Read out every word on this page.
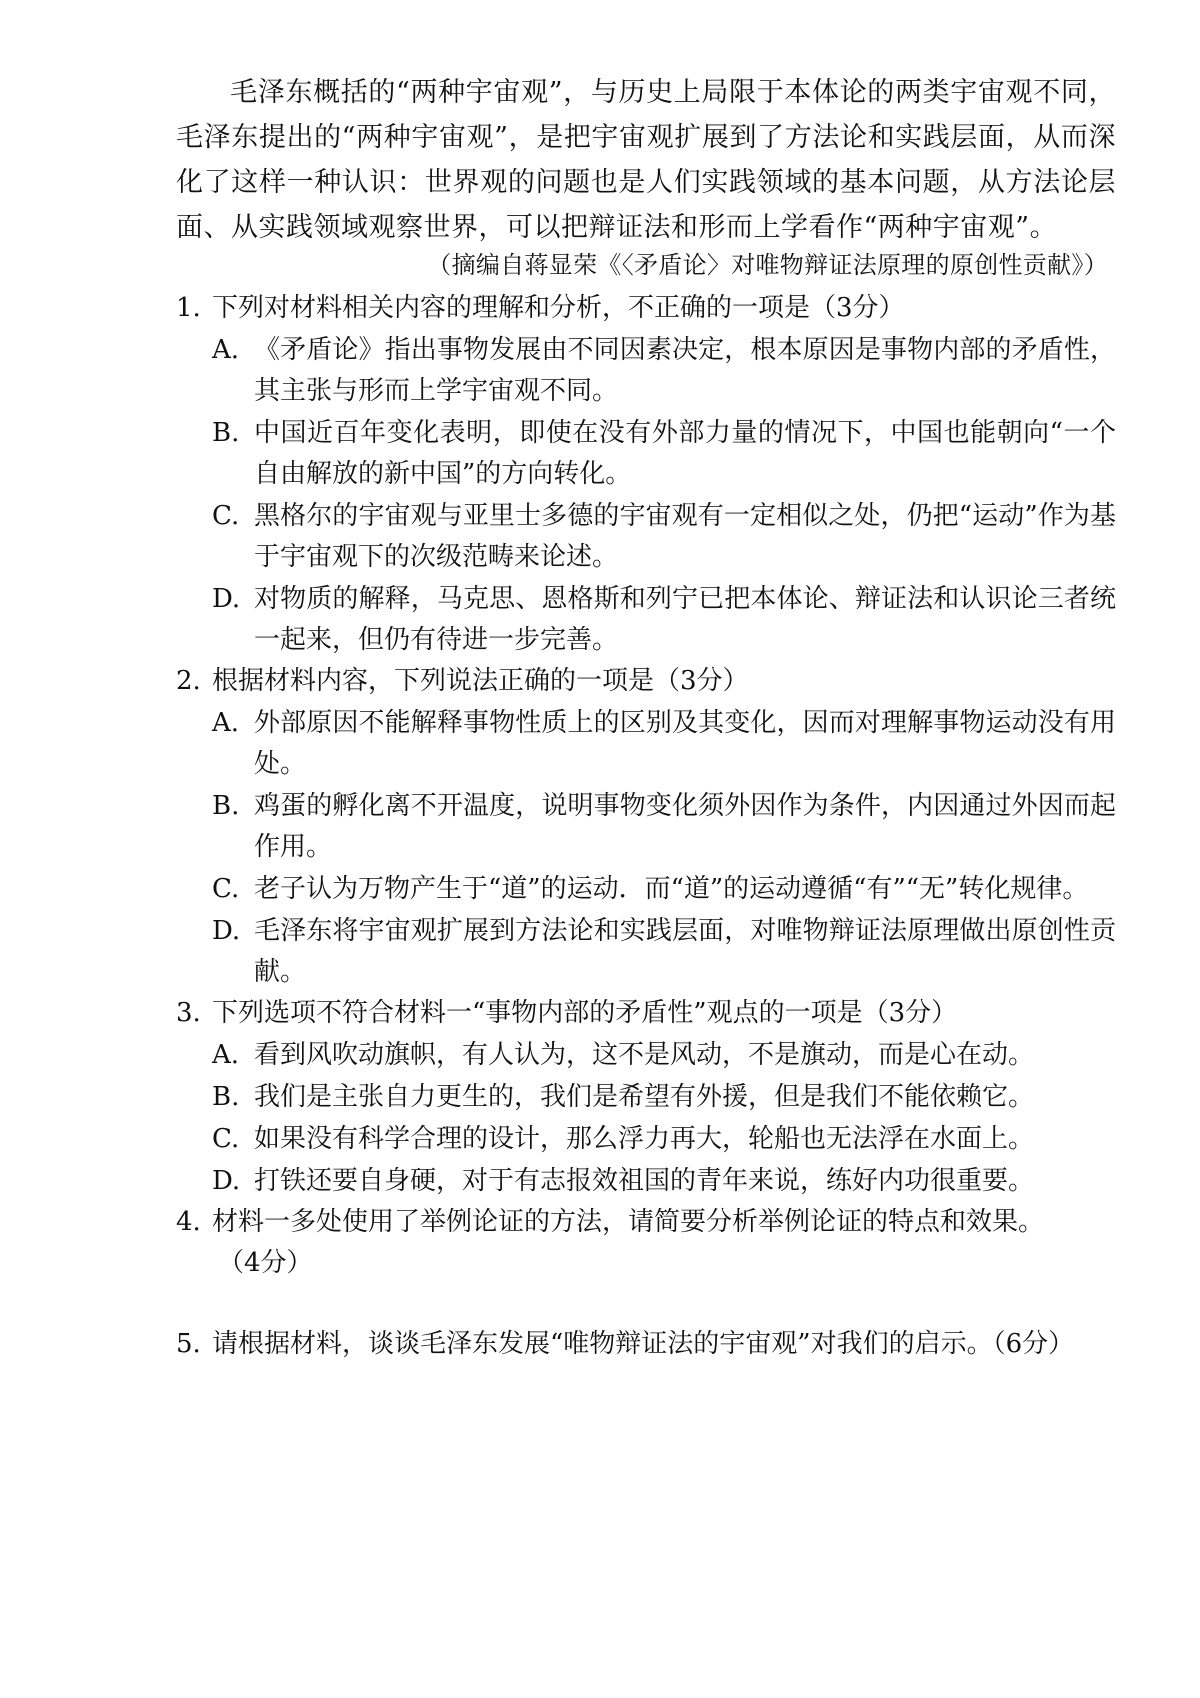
毛泽东概括的“两种宇宙观”，与历史上局限于本体论的两类宇宙观不同，毛泽东提出的“两种宇宙观”，是把宇宙观扩展到了方法论和实践层面，从而深化了这样一种认识：世界观的问题也是人们实践领域的基本问题，从方法论层面、从实践领域观察世界，可以把辩证法和形而上学看作“两种宇宙观”。
（摘编自蒋显荣《〈矛盾论〉对唯物辩证法原理的原创性贡献》）
1. 下列对材料相关内容的理解和分析，不正确的一项是（3分）
A. 《矛盾论》指出事物发展由不同因素决定，根本原因是事物内部的矛盾性，其主张与形而上学宇宙观不同。
B. 中国近百年变化表明，即使在没有外部力量的情况下，中国也能朝向“一个自由解放的新中国”的方向转化。
C. 黑格尔的宇宙观与亚里士多德的宇宙观有一定相似之处，仍把“运动”作为基于宇宙观下的次级范畴来论述。
D. 对物质的解释，马克思、恩格斯和列宁已把本体论、辩证法和认识论三者统一起来，但仍有待进一步完善。
2. 根据材料内容，下列说法正确的一项是（3分）
A. 外部原因不能解释事物性质上的区别及其变化，因而对理解事物运动没有用处。
B. 鸡蛋的孵化离不开温度，说明事物变化须外因作为条件，内因通过外因而起作用。
C. 老子认为万物产生于“道”的运动．而“道”的运动遵循“有”“无”转化规律。
D. 毛泽东将宇宙观扩展到方法论和实践层面，对唯物辩证法原理做出原创性贡献。
3. 下列选项不符合材料一“事物内部的矛盾性”观点的一项是（3分）
A. 看到风吹动旗帜，有人认为，这不是风动，不是旗动，而是心在动。
B. 我们是主张自力更生的，我们是希望有外援，但是我们不能依赖它。
C. 如果没有科学合理的设计，那么浮力再大，轮船也无法浮在水面上。
D. 打铁还要自身硬，对于有志报效祖国的青年来说，练好内功很重要。
4. 材料一多处使用了举例论证的方法，请简要分析举例论证的特点和效果。
（4分）
5. 请根据材料，谈谈毛泽东发展“唯物辩证法的宇宙观”对我们的启示。（6分）
